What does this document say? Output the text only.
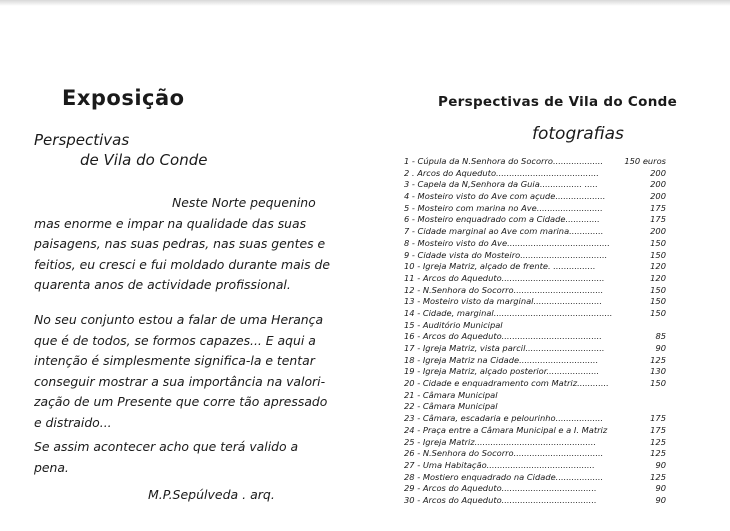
Exposição
Perspectivas
de Vila do Conde
Neste Norte pequenino
mas enorme e impar na qualidade das suas
paisagens, nas suas pedras, nas suas gentes e
feitios, eu cresci e fui moldado durante mais de
quarenta anos de actividade profissional.
No seu conjunto estou a falar de uma Herança
que é de todos, se formos capazes... E aqui a
intenção é simplesmente significa-la e tentar
conseguir mostrar a sua importância na valori-
zação de um Presente que corre tão apressado
e distraido...
Se assim acontecer acho que terá valido a pena.
M.P.Sepúlveda . arq.
Perspectivas de Vila do Conde
fotografias
1 - Cúpula da N.Senhora do Socorro...................	150 euros
2 . Arcos do Aqueduto.......................................	200
3 - Capela da N,Senhora da Guia................ .....	200
4 - Mosteiro visto do Ave com açude...................	200
5 - Mosteiro com marina no Ave.........................	175
6 - Mosteiro enquadrado com a Cidade.............	175
7 - Cidade marginal ao Ave com marina.............	200
8 - Mosteiro visto do Ave.......................................	150
9 - Cidade vista do Mosteiro.................................	150
10 - Igreja Matriz, alçado de frente. ................	120
11 - Arcos do Aqueduto.......................................	120
12 - N.Senhora do Socorro..................................	150
13 - Mosteiro visto da marginal..........................	150
14 - Cidade, marginal.............................................	150
15 - Auditório Municipal
16 - Arcos do Aqueduto......................................	85
17 - Igreja Matriz, vista parcil..............................	90
18 - Igreja Matriz na Cidade..............................	125
19 - Igreja Matriz, alçado posterior....................	130
20 - Cidade e enquadramento com Matriz............	150
21 - Câmara Municipal
22 - Câmara Municipal
23 - Câmara, escadaria e pelourinho..................	175
24 - Praça entre a Câmara Municipal e a I. Matriz	175
25 - Igreja Matriz..............................................	125
26 - N.Senhora do Socorro..................................	125
27 - Uma Habitação.........................................	90
28 - Mostiero enquadrado na Cidade..................	125
29 - Arcos do Aqueduto....................................	90
30 - Arcos do Aqueduto....................................	90
